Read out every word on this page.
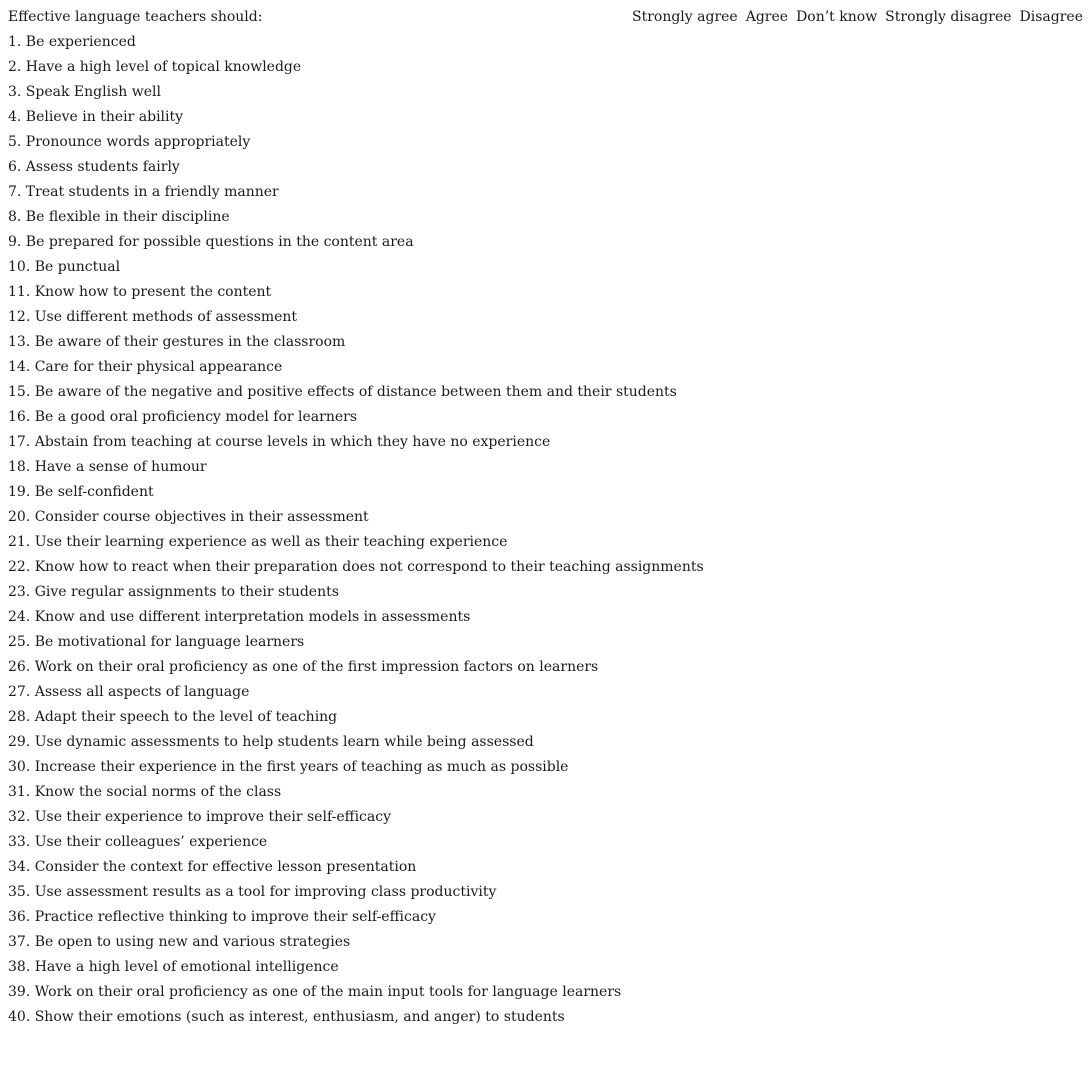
Effective language teachers should:	Strongly agree Agree Don’t know Strongly disagree Disagree
1. Be experienced
2. Have a high level of topical knowledge
3. Speak English well
4. Believe in their ability
5. Pronounce words appropriately
6. Assess students fairly
7. Treat students in a friendly manner
8. Be flexible in their discipline
9. Be prepared for possible questions in the content area
10. Be punctual
11. Know how to present the content
12. Use different methods of assessment
13. Be aware of their gestures in the classroom
14. Care for their physical appearance
15. Be aware of the negative and positive effects of distance between them and their students
16. Be a good oral proficiency model for learners
17. Abstain from teaching at course levels in which they have no experience
18. Have a sense of humour
19. Be self-confident
20. Consider course objectives in their assessment
21. Use their learning experience as well as their teaching experience
22. Know how to react when their preparation does not correspond to their teaching assignments
23. Give regular assignments to their students
24. Know and use different interpretation models in assessments
25. Be motivational for language learners
26. Work on their oral proficiency as one of the first impression factors on learners
27. Assess all aspects of language
28. Adapt their speech to the level of teaching
29. Use dynamic assessments to help students learn while being assessed
30. Increase their experience in the first years of teaching as much as possible
31. Know the social norms of the class
32. Use their experience to improve their self-efficacy
33. Use their colleagues’ experience
34. Consider the context for effective lesson presentation
35. Use assessment results as a tool for improving class productivity
36. Practice reflective thinking to improve their self-efficacy
37. Be open to using new and various strategies
38. Have a high level of emotional intelligence
39. Work on their oral proficiency as one of the main input tools for language learners
40. Show their emotions (such as interest, enthusiasm, and anger) to students
